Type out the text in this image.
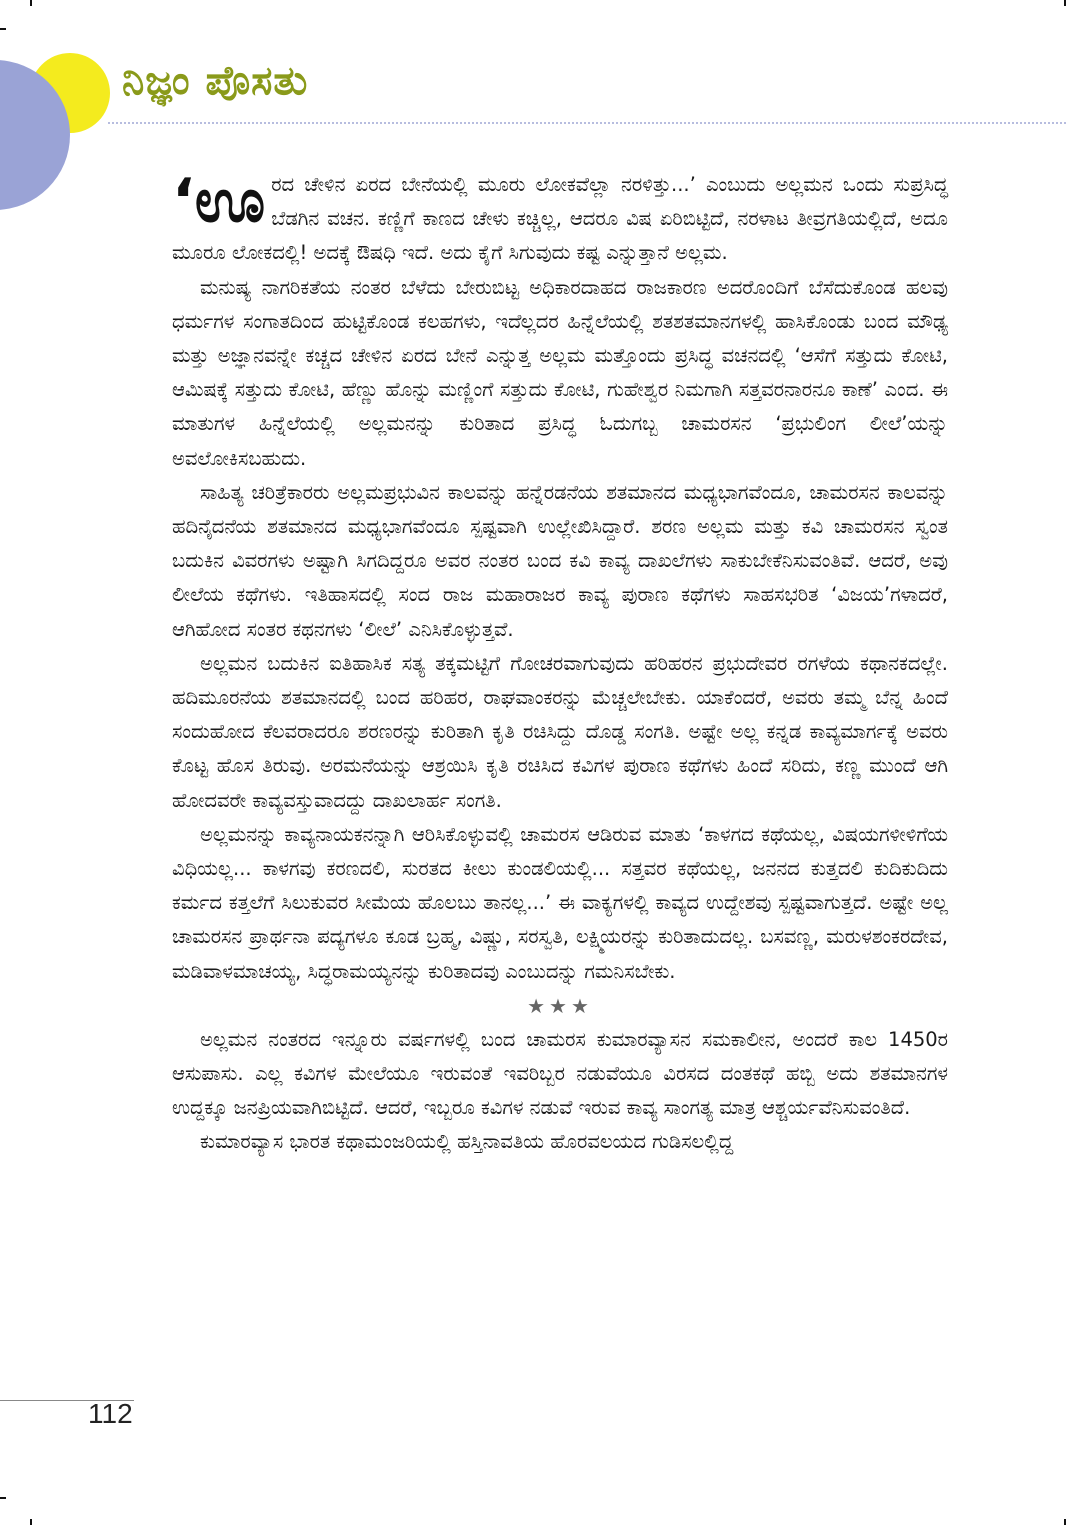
ನಿಜ್ಞಂ ಪೊಸತು

‘ಊ ರದ ಚೇಳಿನ ಏರದ ಬೇನೆಯಲ್ಲಿ ಮೂರು ಲೋಕವೆಲ್ಲಾ ನರಳಿತ್ತು...’ ಎಂಬುದು ಅಲ್ಲಮನ ಒಂದು ಸುಪ್ರಸಿದ್ಧ ಬೆಡಗಿನ ವಚನ. ಕಣ್ಣಿಗೆ ಕಾಣದ ಚೇಳು ಕಚ್ಚಿಲ್ಲ, ಆದರೂ ವಿಷ ಏರಿಬಿಟ್ಟಿದೆ, ನರಳಾಟ ತೀವ್ರಗತಿಯಲ್ಲಿದೆ, ಅದೂ ಮೂರೂ ಲೋಕದಲ್ಲಿ! ಅದಕ್ಕೆ ಔಷಧಿ ಇದೆ. ಅದು ಕೈಗೆ ಸಿಗುವುದು ಕಷ್ಟ ಎನ್ನುತ್ತಾನೆ ಅಲ್ಲಮ.

ಮನುಷ್ಯ ನಾಗರಿಕತೆಯ ನಂತರ ಬೆಳೆದು ಬೇರುಬಿಟ್ಟ ಅಧಿಕಾರದಾಹದ ರಾಜಕಾರಣ ಅದರೊಂದಿಗೆ ಬೆಸೆದುಕೊಂಡ ಹಲವು ಧರ್ಮಗಳ ಸಂಗಾತದಿಂದ ಹುಟ್ಟಿಕೊಂಡ ಕಲಹಗಳು, ಇದೆಲ್ಲದರ ಹಿನ್ನೆಲೆಯಲ್ಲಿ ಶತಶತಮಾನಗಳಲ್ಲಿ ಹಾಸಿಕೊಂಡು ಬಂದ ಮೌಢ್ಯ ಮತ್ತು ಅಜ್ಞಾನವನ್ನೇ ಕಚ್ಚದ ಚೇಳಿನ ಏರದ ಬೇನೆ ಎನ್ನುತ್ತ ಅಲ್ಲಮ ಮತ್ತೊಂದು ಪ್ರಸಿದ್ಧ ವಚನದಲ್ಲಿ ‘ಆಸೆಗೆ ಸತ್ತುದು ಕೋಟಿ, ಆಮಿಷಕ್ಕೆ ಸತ್ತುದು ಕೋಟಿ, ಹೆಣ್ಣು ಹೊನ್ನು ಮಣ್ಣಿಂಗೆ ಸತ್ತುದು ಕೋಟಿ, ಗುಹೇಶ್ವರ ನಿಮಗಾಗಿ ಸತ್ತವರನಾರನೂ ಕಾಣೆ’ ಎಂದ. ಈ ಮಾತುಗಳ ಹಿನ್ನೆಲೆಯಲ್ಲಿ ಅಲ್ಲಮನನ್ನು ಕುರಿತಾದ ಪ್ರಸಿದ್ಧ ಓದುಗಬ್ಬ ಚಾಮರಸನ ‘ಪ್ರಭುಲಿಂಗ ಲೀಲೆ’ಯನ್ನು ಅವಲೋಕಿಸಬಹುದು.

ಸಾಹಿತ್ಯ ಚರಿತ್ರೆಕಾರರು ಅಲ್ಲಮಪ್ರಭುವಿನ ಕಾಲವನ್ನು ಹನ್ನೆರಡನೆಯ ಶತಮಾನದ ಮಧ್ಯಭಾಗವೆಂದೂ, ಚಾಮರಸನ ಕಾಲವನ್ನು ಹದಿನೈದನೆಯ ಶತಮಾನದ ಮಧ್ಯಭಾಗವೆಂದೂ ಸ್ಪಷ್ಟವಾಗಿ ಉಲ್ಲೇಖಿಸಿದ್ದಾರೆ. ಶರಣ ಅಲ್ಲಮ ಮತ್ತು ಕವಿ ಚಾಮರಸನ ಸ್ವಂತ ಬದುಕಿನ ವಿವರಗಳು ಅಷ್ಟಾಗಿ ಸಿಗದಿದ್ದರೂ ಅವರ ನಂತರ ಬಂದ ಕವಿ ಕಾವ್ಯ ದಾಖಲೆಗಳು ಸಾಕುಬೇಕೆನಿಸುವಂತಿವೆ. ಆದರೆ, ಅವು ಲೀಲೆಯ ಕಥೆಗಳು. ಇತಿಹಾಸದಲ್ಲಿ ಸಂದ ರಾಜ ಮಹಾರಾಜರ ಕಾವ್ಯ ಪುರಾಣ ಕಥೆಗಳು ಸಾಹಸಭರಿತ ‘ವಿಜಯ’ಗಳಾದರೆ, ಆಗಿಹೋದ ಸಂತರ ಕಥನಗಳು ‘ಲೀಲೆ’ ಎನಿಸಿಕೊಳ್ಳುತ್ತವೆ.

ಅಲ್ಲಮನ ಬದುಕಿನ ಐತಿಹಾಸಿಕ ಸತ್ಯ ತಕ್ಕಮಟ್ಟಿಗೆ ಗೋಚರವಾಗುವುದು ಹರಿಹರನ ಪ್ರಭುದೇವರ ರಗಳೆಯ ಕಥಾನಕದಲ್ಲೇ. ಹದಿಮೂರನೆಯ ಶತಮಾನದಲ್ಲಿ ಬಂದ ಹರಿಹರ, ರಾಘವಾಂಕರನ್ನು ಮೆಚ್ಚಲೇಬೇಕು. ಯಾಕೆಂದರೆ, ಅವರು ತಮ್ಮ ಬೆನ್ನ ಹಿಂದೆ ಸಂದುಹೋದ ಕೆಲವರಾದರೂ ಶರಣರನ್ನು ಕುರಿತಾಗಿ ಕೃತಿ ರಚಿಸಿದ್ದು ದೊಡ್ಡ ಸಂಗತಿ. ಅಷ್ಟೇ ಅಲ್ಲ ಕನ್ನಡ ಕಾವ್ಯಮಾರ್ಗಕ್ಕೆ ಅವರು ಕೊಟ್ಟ ಹೊಸ ತಿರುವು. ಅರಮನೆಯನ್ನು ಆಶ್ರಯಿಸಿ ಕೃತಿ ರಚಿಸಿದ ಕವಿಗಳ ಪುರಾಣ ಕಥೆಗಳು ಹಿಂದೆ ಸರಿದು, ಕಣ್ಣ ಮುಂದೆ ಆಗಿ ಹೋದವರೇ ಕಾವ್ಯವಸ್ತುವಾದದ್ದು ದಾಖಲಾರ್ಹ ಸಂಗತಿ.

ಅಲ್ಲಮನನ್ನು ಕಾವ್ಯನಾಯಕನನ್ನಾಗಿ ಆರಿಸಿಕೊಳ್ಳುವಲ್ಲಿ ಚಾಮರಸ ಆಡಿರುವ ಮಾತು ‘ಕಾಳಗದ ಕಥೆಯಲ್ಲ, ವಿಷಯಗಳೀಳಿಗೆಯ ವಿಧಿಯಲ್ಲ... ಕಾಳಗವು ಕರಣದಲಿ, ಸುರತದ ಕೀಲು ಕುಂಡಲಿಯಲ್ಲಿ... ಸತ್ತವರ ಕಥೆಯಲ್ಲ, ಜನನದ ಕುತ್ತದಲಿ ಕುದಿಕುದಿದು ಕರ್ಮದ ಕತ್ತಲೆಗೆ ಸಿಲುಕುವರ ಸೀಮೆಯ ಹೊಲಬು ತಾನಲ್ಲ...’ ಈ ವಾಕ್ಯಗಳಲ್ಲಿ ಕಾವ್ಯದ ಉದ್ದೇಶವು ಸ್ಪಷ್ಟವಾಗುತ್ತದೆ. ಅಷ್ಟೇ ಅಲ್ಲ ಚಾಮರಸನ ಪ್ರಾರ್ಥನಾ ಪದ್ಯಗಳೂ ಕೂಡ ಬ್ರಹ್ಮ, ವಿಷ್ಣು, ಸರಸ್ವತಿ, ಲಕ್ಷ್ಮಿಯರನ್ನು ಕುರಿತಾದುದಲ್ಲ. ಬಸವಣ್ಣ, ಮರುಳಶಂಕರದೇವ, ಮಡಿವಾಳಮಾಚಯ್ಯ, ಸಿದ್ಧರಾಮಯ್ಯನನ್ನು ಕುರಿತಾದವು ಎಂಬುದನ್ನು ಗಮನಿಸಬೇಕು.

★★★

ಅಲ್ಲಮನ ನಂತರದ ಇನ್ನೂರು ವರ್ಷಗಳಲ್ಲಿ ಬಂದ ಚಾಮರಸ ಕುಮಾರವ್ಯಾಸನ ಸಮಕಾಲೀನ, ಅಂದರೆ ಕಾಲ 1450ರ ಆಸುಪಾಸು. ಎಲ್ಲ ಕವಿಗಳ ಮೇಲೆಯೂ ಇರುವಂತೆ ಇವರಿಬ್ಬರ ನಡುವೆಯೂ ವಿರಸದ ದಂತಕಥೆ ಹಬ್ಬಿ ಅದು ಶತಮಾನಗಳ ಉದ್ದಕ್ಕೂ ಜನಪ್ರಿಯವಾಗಿಬಿಟ್ಟಿದೆ. ಆದರೆ, ಇಬ್ಬರೂ ಕವಿಗಳ ನಡುವೆ ಇರುವ ಕಾವ್ಯ ಸಾಂಗತ್ಯ ಮಾತ್ರ ಆಶ್ಚರ್ಯವೆನಿಸುವಂತಿದೆ.

ಕುಮಾರವ್ಯಾಸ ಭಾರತ ಕಥಾಮಂಜರಿಯಲ್ಲಿ ಹಸ್ತಿನಾವತಿಯ ಹೊರವಲಯದ ಗುಡಿಸಲಲ್ಲಿದ್ದ

112
